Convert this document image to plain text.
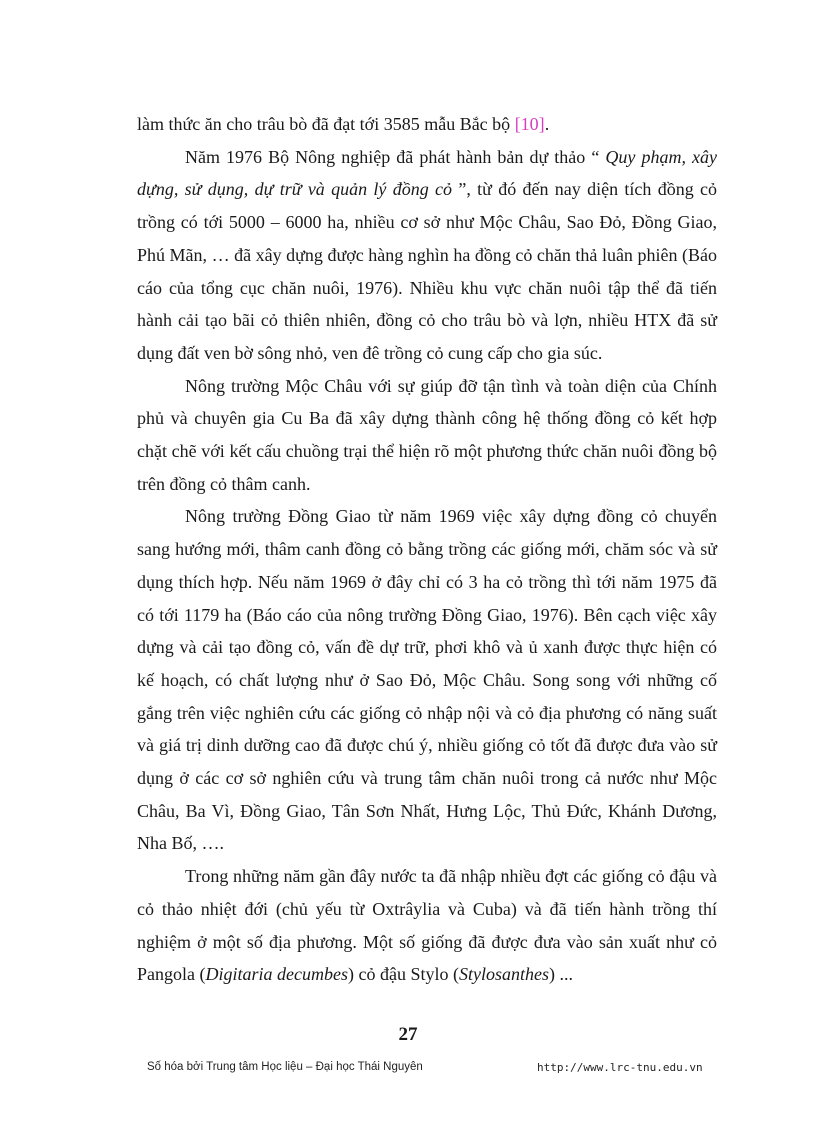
làm thức ăn cho trâu bò đã đạt tới 3585 mẫu Bắc bộ [10].

Năm 1976 Bộ Nông nghiệp đã phát hành bản dự thảo “ Quy phạm, xây dựng, sử dụng, dự trữ và quản lý đồng cỏ ”, từ đó đến nay diện tích đồng cỏ trồng có tới 5000 – 6000 ha, nhiều cơ sở như Mộc Châu, Sao Đỏ, Đồng Giao, Phú Mãn, … đã xây dựng được hàng nghìn ha đồng cỏ chăn thả luân phiên (Báo cáo của tổng cục chăn nuôi, 1976). Nhiều khu vực chăn nuôi tập thể đã tiến hành cải tạo bãi cỏ thiên nhiên, đồng cỏ cho trâu bò và lợn, nhiều HTX đã sử dụng đất ven bờ sông nhỏ, ven đê trồng cỏ cung cấp cho gia súc.

Nông trường Mộc Châu với sự giúp đỡ tận tình và toàn diện của Chính phủ và chuyên gia Cu Ba đã xây dựng thành công hệ thống đồng cỏ kết hợp chặt chẽ với kết cấu chuồng trại thể hiện rõ một phương thức chăn nuôi đồng bộ trên đồng cỏ thâm canh.

Nông trường Đồng Giao từ năm 1969 việc xây dựng đồng cỏ chuyển sang hướng mới, thâm canh đồng cỏ bằng trồng các giống mới, chăm sóc và sử dụng thích hợp. Nếu năm 1969 ở đây chỉ có 3 ha cỏ trồng thì tới năm 1975 đã có tới 1179 ha (Báo cáo của nông trường Đồng Giao, 1976). Bên cạch việc xây dựng và cải tạo đồng cỏ, vấn đề dự trữ, phơi khô và ủ xanh được thực hiện có kế hoạch, có chất lượng như ở Sao Đỏ, Mộc Châu. Song song với những cố gắng trên việc nghiên cứu các giống cỏ nhập nội và cỏ địa phương có năng suất và giá trị dinh dưỡng cao đã được chú ý, nhiều giống cỏ tốt đã được đưa vào sử dụng ở các cơ sở nghiên cứu và trung tâm chăn nuôi trong cả nước như Mộc Châu, Ba Vì, Đồng Giao, Tân Sơn Nhất, Hưng Lộc, Thủ Đức, Khánh Dương, Nha Bố, ….

Trong những năm gần đây nước ta đã nhập nhiều đợt các giống cỏ đậu và cỏ thảo nhiệt đới (chủ yếu từ Oxtrâylia và Cuba) và đã tiến hành trồng thí nghiệm ở một số địa phương. Một số giống đã được đưa vào sản xuất như cỏ Pangola (Digitaria decumbes) cỏ đậu Stylo (Stylosanthes) ...

27
Số hóa bởi Trung tâm Học liệu – Đại học Thái Nguyên	http://www.lrc-tnu.edu.vn
